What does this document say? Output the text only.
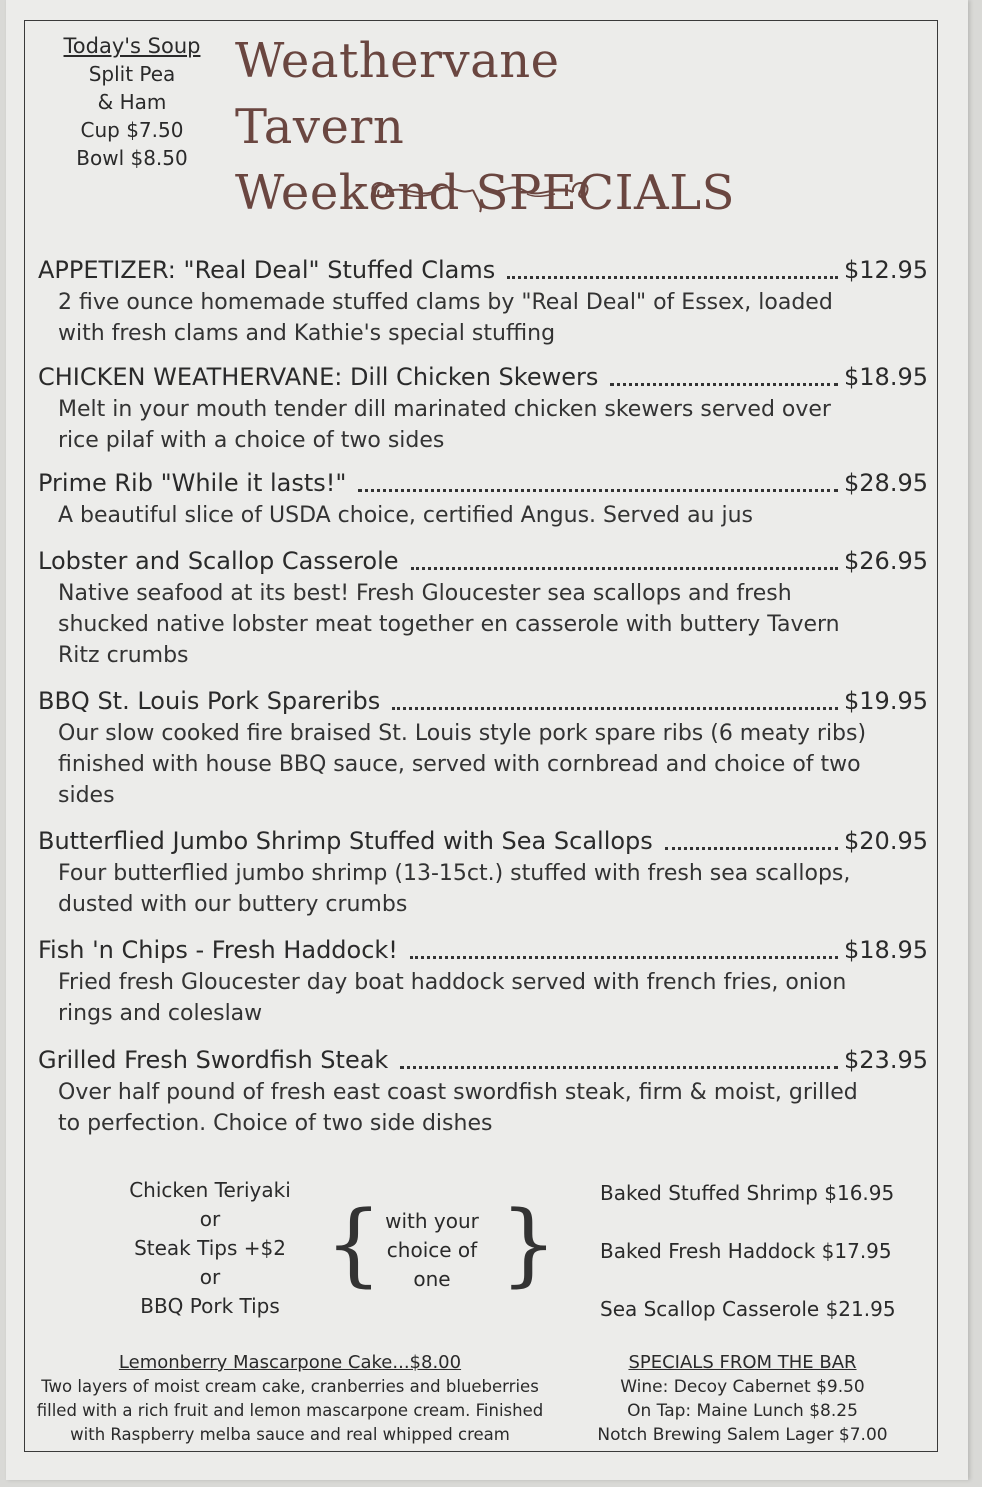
Today's Soup
Split Pea
& Ham
Cup $7.50
Bowl $8.50
Weathervane Tavern
Weekend SPECIALS
APPETIZER: "Real Deal" Stuffed Clams	$12.95
2 five ounce homemade stuffed clams by "Real Deal" of Essex, loaded with fresh clams and Kathie's special stuffing
CHICKEN WEATHERVANE: Dill Chicken Skewers	$18.95
Melt in your mouth tender dill marinated chicken skewers served over rice pilaf with a choice of two sides
Prime Rib "While it lasts!"	$28.95
A beautiful slice of USDA choice, certified Angus. Served au jus
Lobster and Scallop Casserole	$26.95
Native seafood at its best! Fresh Gloucester sea scallops and fresh shucked native lobster meat together en casserole with buttery Tavern Ritz crumbs
BBQ St. Louis Pork Spareribs	$19.95
Our slow cooked fire braised St. Louis style pork spare ribs (6 meaty ribs) finished with house BBQ sauce, served with cornbread and choice of two sides
Butterflied Jumbo Shrimp Stuffed with Sea Scallops	$20.95
Four butterflied jumbo shrimp (13-15ct.) stuffed with fresh sea scallops, dusted with our buttery crumbs
Fish 'n Chips - Fresh Haddock!	$18.95
Fried fresh Gloucester day boat haddock served with french fries, onion rings and coleslaw
Grilled Fresh Swordfish Steak	$23.95
Over half pound of fresh east coast swordfish steak, firm & moist, grilled to perfection. Choice of two side dishes
Chicken Teriyaki
or
Steak Tips +$2
or
BBQ Pork Tips
{ with your
choice of
one } Baked Stuffed Shrimp $16.95
Baked Fresh Haddock $17.95
Sea Scallop Casserole $21.95
Lemonberry Mascarpone Cake...$8.00
Two layers of moist cream cake, cranberries and blueberries
filled with a rich fruit and lemon mascarpone cream. Finished
with Raspberry melba sauce and real whipped cream
SPECIALS FROM THE BAR
Wine: Decoy Cabernet $9.50
On Tap: Maine Lunch $8.25
Notch Brewing Salem Lager $7.00
